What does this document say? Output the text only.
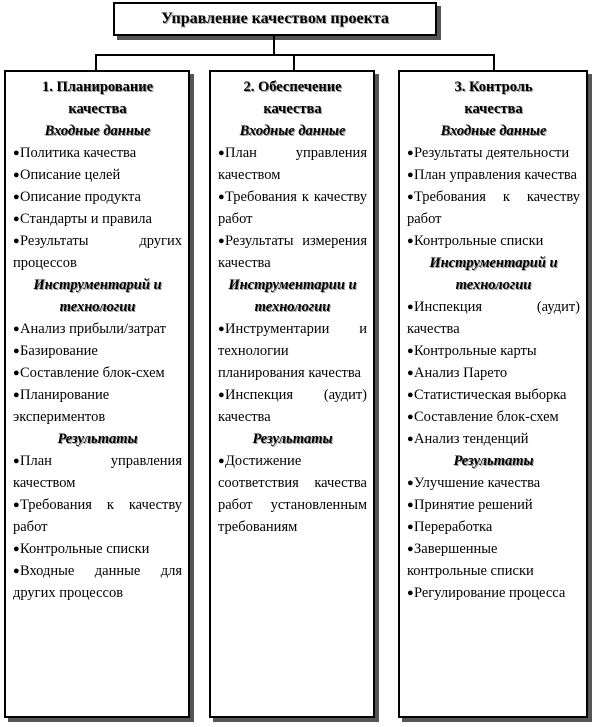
Управление качеством проекта
1. Планирование
качества
Входные данные
●Политика качества
●Описание целей
●Описание продукта
●Стандарты и правила
●Результаты других процессов
Инструментарий и технологии
●Анализ прибыли/затрат
●Базирование
●Составление блок-схем
●Планирование экспериментов
Результаты
●План управления качеством
●Требования к качеству работ
●Контрольные списки
●Входные данные для других процессов
2. Обеспечение
качества
Входные данные
●План управления качеством
●Требования к качеству работ
●Результаты измерения качества
Инструментарии и технологии
●Инструментарии и технологии планирования качества
●Инспекция (аудит) качества
Результаты
●Достижение соответствия качества работ установленным требованиям
3. Контроль
качества
Входные данные
●Результаты деятельности
●План управления качества
●Требования к качеству работ
●Контрольные списки
Инструментарий и технологии
●Инспекция (аудит) качества
●Контрольные карты
●Анализ Парето
●Статистическая выборка
●Составление блок-схем
●Анализ тенденций
Результаты
●Улучшение качества
●Принятие решений
●Переработка
●Завершенные контрольные списки
●Регулирование процесса
